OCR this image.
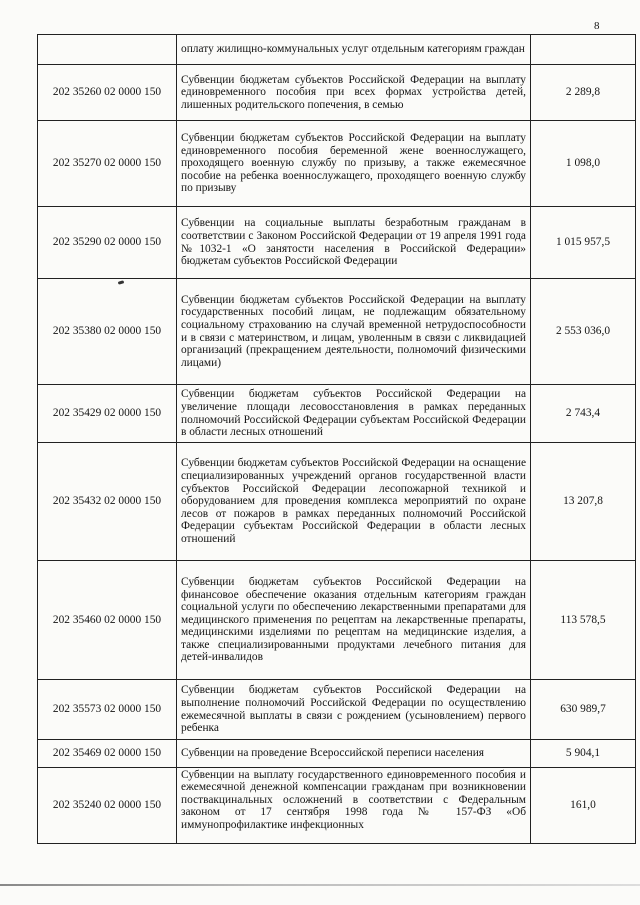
8
	оплату жилищно-коммунальных услуг отдельным категориям граждан	
202 35260 02 0000 150	Субвенции бюджетам субъектов Российской Федерации на выплату единовременного пособия при всех формах устройства детей, лишенных родительского попечения, в семью	2 289,8
202 35270 02 0000 150	Субвенции бюджетам субъектов Российской Федерации на выплату единовременного пособия беременной жене военнослужащего, проходящего военную службу по призыву, а также ежемесячное пособие на ребенка военнослужащего, проходящего военную службу по призыву	1 098,0
202 35290 02 0000 150	Субвенции на социальные выплаты безработным гражданам в соответствии с Законом Российской Федерации от 19 апреля 1991 года №1032-1 «О занятости населения в Российской Федерации» бюджетам субъектов Российской Федерации	1 015 957,5
202 35380 02 0000 150	Субвенции бюджетам субъектов Российской Федерации на выплату государственных пособий лицам, не подлежащим обязательному социальному страхованию на случай временной нетрудоспособности и в связи с материнством, и лицам, уволенным в связи с ликвидацией организаций (прекращением деятельности, полномочий физическими лицами)	2 553 036,0
202 35429 02 0000 150	Субвенции бюджетам субъектов Российской Федерации на увеличение площади лесовосстановления в рамках переданных полномочий Российской Федерации субъектам Российской Федерации в области лесных отношений	2 743,4
202 35432 02 0000 150	Субвенции бюджетам субъектов Российской Федерации на оснащение специализированных учреждений органов государственной власти субъектов Российской Федерации лесопожарной техникой и оборудованием для проведения комплекса мероприятий по охране лесов от пожаров в рамках переданных полномочий Российской Федерации субъектам Российской Федерации в области лесных отношений	13 207,8
202 35460 02 0000 150	Субвенции бюджетам субъектов Российской Федерации на финансовое обеспечение оказания отдельным категориям граждан социальной услуги по обеспечению лекарственными препаратами для медицинского применения по рецептам на лекарственные препараты, медицинскими изделиями по рецептам на медицинские изделия, а также специализированными продуктами лечебного питания для детей-инвалидов	113 578,5
202 35573 02 0000 150	Субвенции бюджетам субъектов Российской Федерации на выполнение полномочий Российской Федерации по осуществлению ежемесячной выплаты в связи с рождением (усыновлением) первого ребенка	630 989,7
202 35469 02 0000 150	Субвенции на проведение Всероссийской переписи населения	5 904,1
202 35240 02 0000 150	Субвенции на выплату государственного единовременного пособия и ежемесячной денежной компенсации гражданам при возникновении поствакцинальных осложнений в соответствии с Федеральным законом от 17 сентября 1998 года № 157-ФЗ «Об иммунопрофилактике инфекционных	161,0
